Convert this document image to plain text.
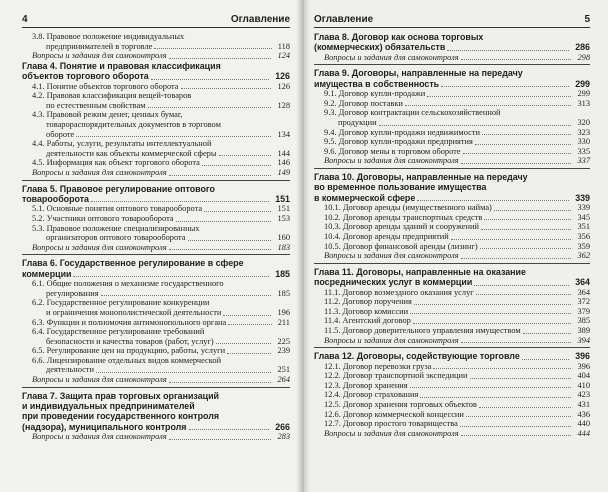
4	Оглавление
3.8. Правовое положение индивидуальных
предпринимателей в торговле	118
Вопросы и задания для самоконтроля	124
Глава 4. Понятие и правовая классификация
объектов торгового оборота	126
4.1. Понятие объектов торгового оборота	126
4.2. Правовая классификация вещей-товаров
по естественным свойствам	128
4.3. Правовой режим денег, ценных бумаг,
товарораспорядительных документов в торговом
обороте	134
4.4. Работы, услуги, результаты интеллектуальной
деятельности как объекты коммерческой сферы	144
4.5. Информация как объект торгового оборота	146
Вопросы и задания для самоконтроля	149
Глава 5. Правовое регулирование оптового
товарооборота	151
5.1. Основные понятия оптового товарооборота	151
5.2. Участники оптового товарооборота	153
5.3. Правовое положение специализированных
организаторов оптового товарооборота	160
Вопросы и задания для самоконтроля	183
Глава 6. Государственное регулирование в сфере
коммерции	185
6.1. Общие положения о механизме государственного
регулирования	185
6.2. Государственное регулирование конкуренции
и ограничения монополистической деятельности	196
6.3. Функции и полномочия антимонопольного органа	211
6.4. Государственное регулирование требований
безопасности и качества товаров (работ, услуг)	225
6.5. Регулирование цен на продукцию, работы, услуги	239
6.6. Лицензирование отдельных видов коммерческой
деятельности	251
Вопросы и задания для самоконтроля	264
Глава 7. Защита прав торговых организаций
и индивидуальных предпринимателей
при проведении государственного контроля
(надзора), муниципального контроля	266
Вопросы и задания для самоконтроля	283
Оглавление	5
Глава 8. Договор как основа торговых
(коммерческих) обязательств	286
Вопросы и задания для самоконтроля	298
Глава 9. Договоры, направленные на передачу
имущества в собственность	299
9.1. Договор купли-продажи	299
9.2. Договор поставки	313
9.3. Договор контрактации сельскохозяйственной
продукции	320
9.4. Договор купли-продажи недвижимости	323
9.5. Договор купли-продажи предприятия	330
9.6. Договор мены в торговом обороте	335
Вопросы и задания для самоконтроля	337
Глава 10. Договоры, направленные на передачу
во временное пользование имущества
в коммерческой сфере	339
10.1. Договор аренды (имущественного найма)	339
10.2. Договор аренды транспортных средств	345
10.3. Договор аренды зданий и сооружений	351
10.4. Договор аренды предприятий	356
10.5. Договор финансовой аренды (лизинг)	359
Вопросы и задания для самоконтроля	362
Глава 11. Договоры, направленные на оказание
посреднических услуг в коммерции	364
11.1. Договор возмездного оказания услуг	364
11.2. Договор поручения	372
11.3. Договор комиссии	379
11.4. Агентский договор	385
11.5. Договор доверительного управления имуществом	389
Вопросы и задания для самоконтроля	394
Глава 12. Договоры, содействующие торговле	396
12.1. Договор перевозки груза	396
12.2. Договор транспортной экспедиции	404
12.3. Договор хранения	410
12.4. Договор страхования	423
12.5. Договор хранения торговых объектов	431
12.6. Договор коммерческой концессии	436
12.7. Договор простого товарищества	440
Вопросы и задания для самоконтроля	444
